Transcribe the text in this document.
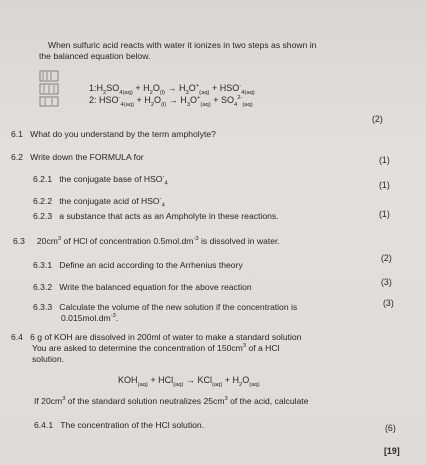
When sulfuric acid reacts with water it ionizes in two steps as shown in
the balanced equation below.
$1:H_2SO_{4(aq)} + H_2O_{(l)} \to H_3O^+_{(aq)} + HSO^-_{4(aq)}$
2: $HSO^-_{4(aq)} + H_2O_{(l)} \to H_3O^+_{(aq)} + SO_4^{2-}_{(aq)}$
(2)
6.1 What do you understand by the term ampholyte?
6.2 Write down the FORMULA for	(1)
6.2.1 the conjugate base of $HSO^-_4$	(1)
6.2.2 the conjugate acid of $HSO^-_4$
6.2.3 a substance that acts as an Ampholyte in these reactions.	(1)
6.3 $20cm^3$ of HCl of concentration $0.5mol.dm^{-3}$ is dissolved in water.
(2)
6.3.1 Define an acid according to the Arrhenius theory
6.3.2 Write the balanced equation for the above reaction	(3)
6.3.3 Calculate the volume of the new solution if the concentration is
$0.015mol.dm^{-3}$.
(3)
6.4 6 g of KOH are dissolved in 200ml of water to make a standard solution
You are asked to determine the concentration of $150cm^3$ of a HCl
solution.
$KOH_{(aq)} + HCl_{(aq)} \to KCl_{(aq)} + H_2O_{(aq)}$
If $20cm^3$ of the standard solution neutralizes $25cm^3$ of the acid, calculate
6.4.1 The concentration of the HCl solution.	(6)
[19]
